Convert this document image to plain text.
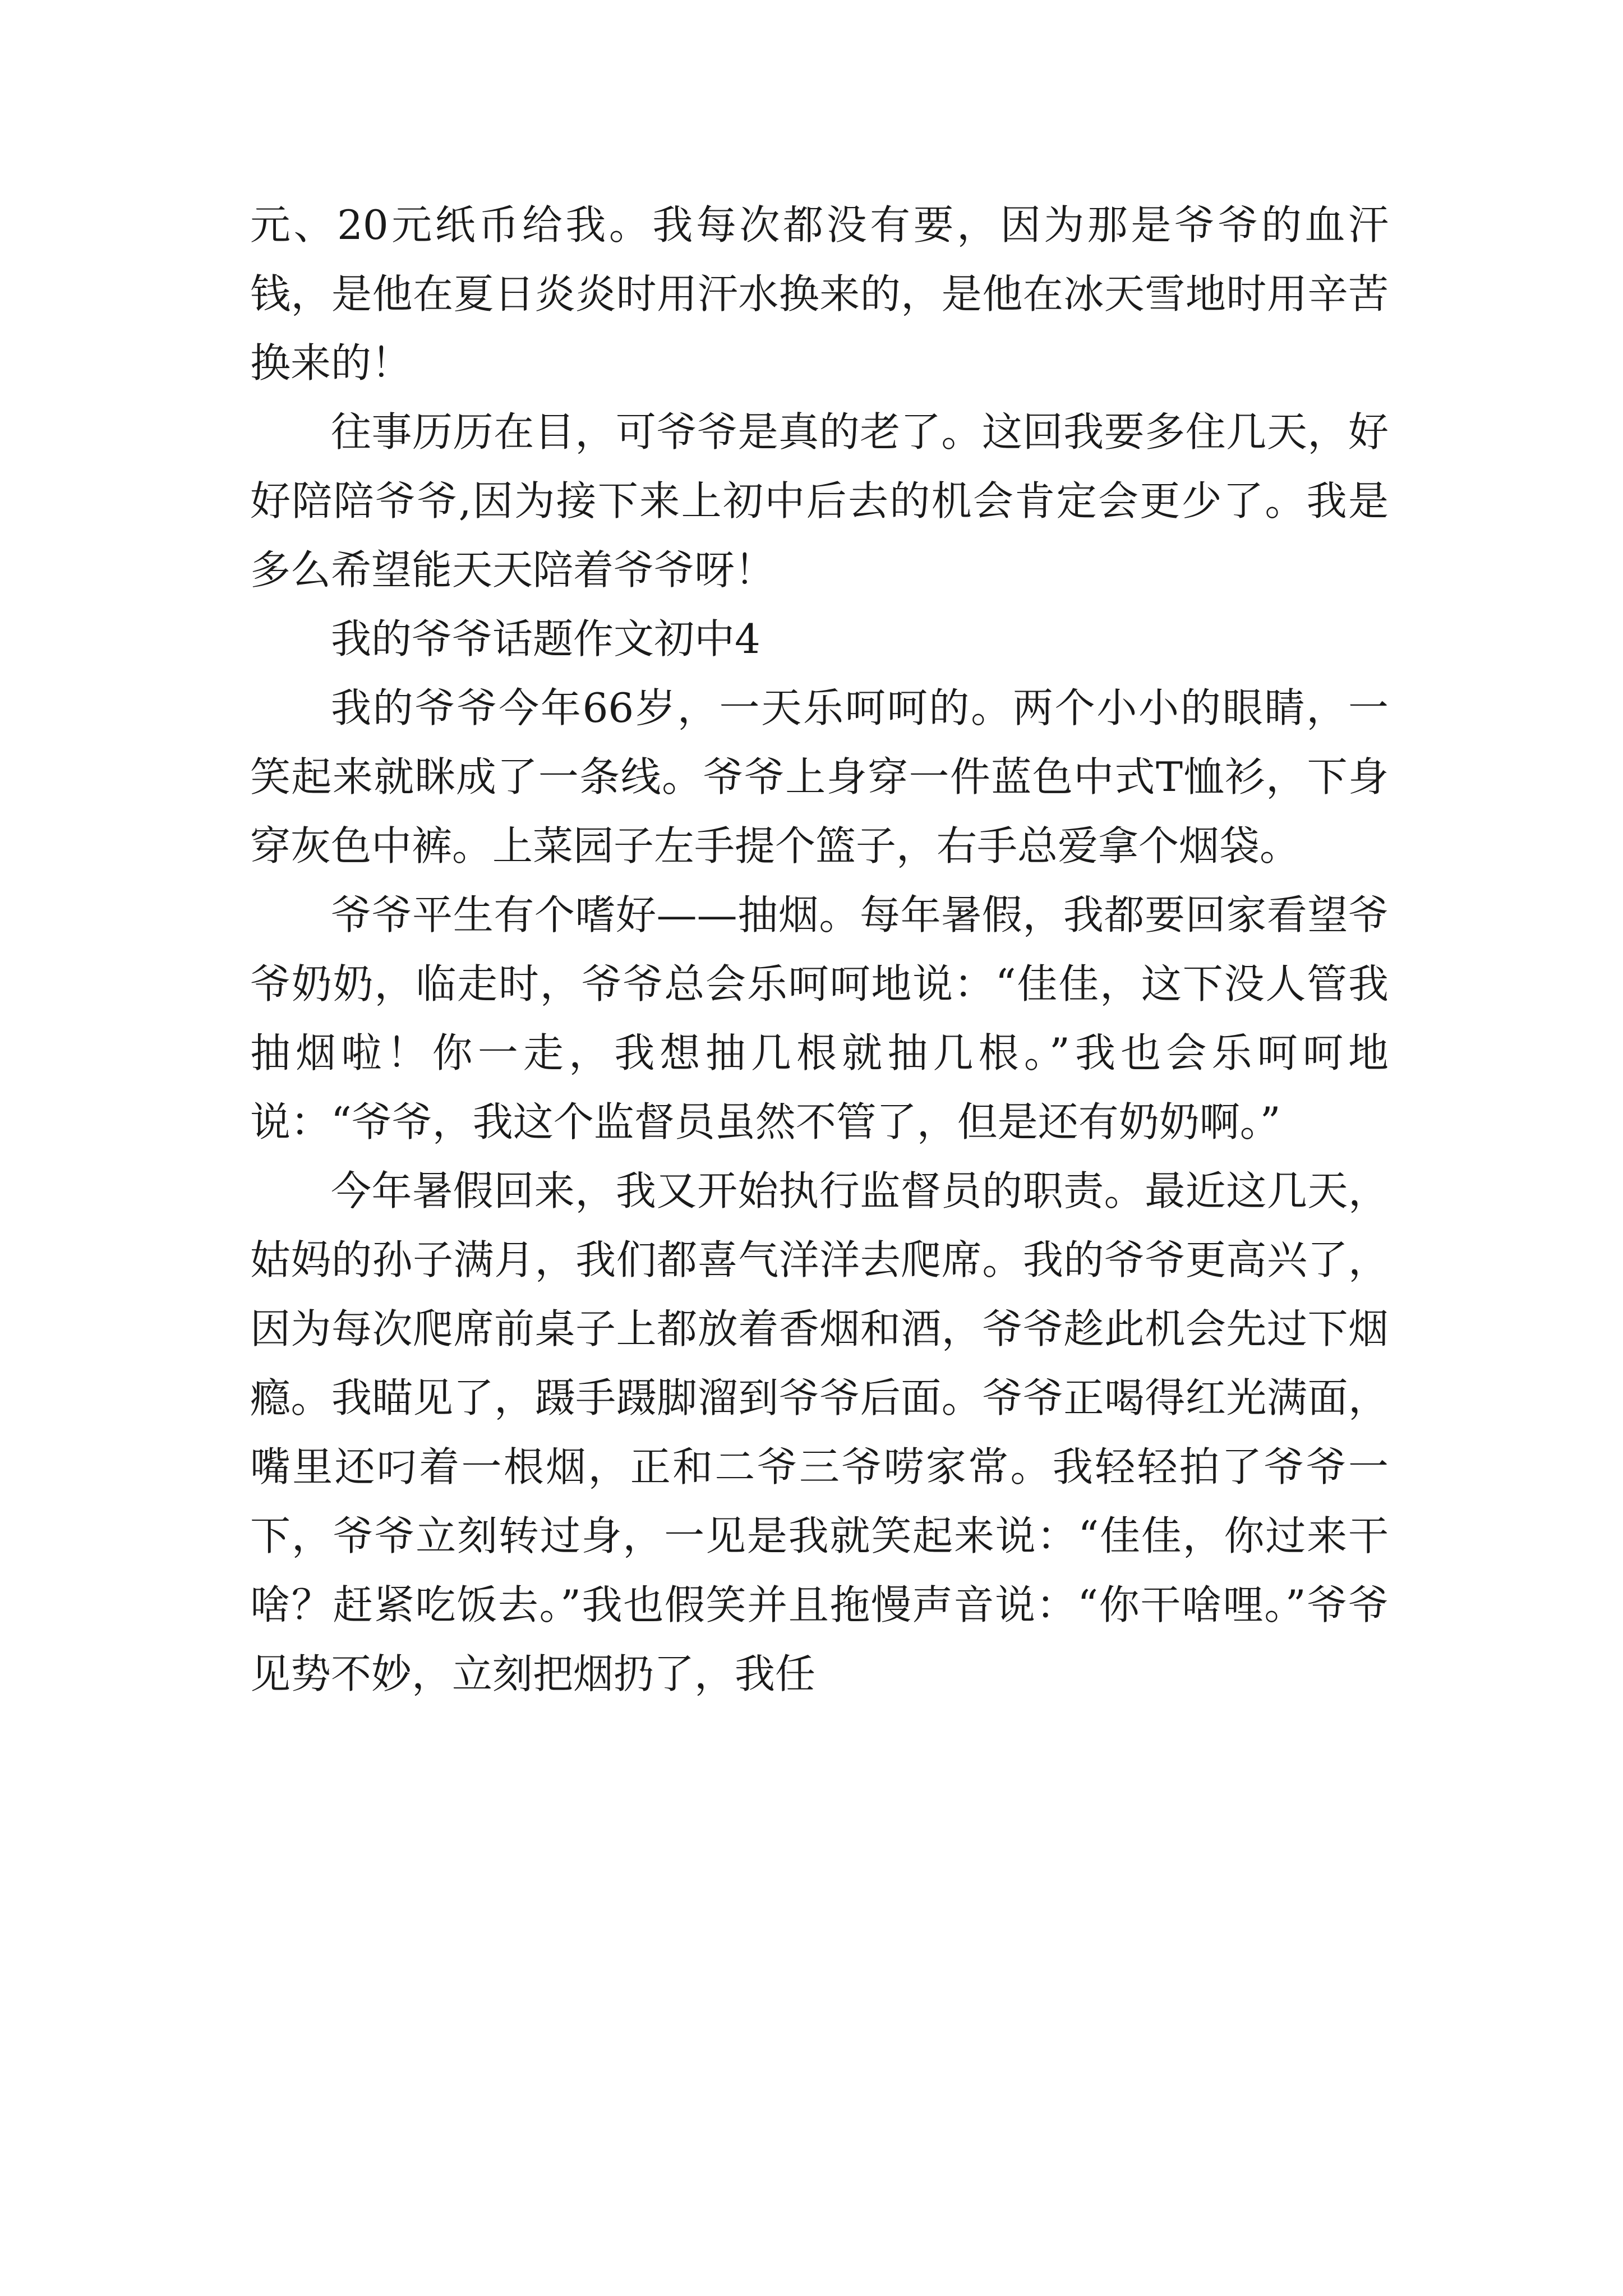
元、20元纸币给我。我每次都没有要，因为那是爷爷的血汗钱，是他在夏日炎炎时用汗水换来的，是他在冰天雪地时用辛苦换来的！

往事历历在目，可爷爷是真的老了。这回我要多住几天，好好陪陪爷爷,因为接下来上初中后去的机会肯定会更少了。我是多么希望能天天陪着爷爷呀！

我的爷爷话题作文初中4

我的爷爷今年66岁，一天乐呵呵的。两个小小的眼睛，一笑起来就眯成了一条线。爷爷上身穿一件蓝色中式T恤衫，下身穿灰色中裤。上菜园子左手提个篮子，右手总爱拿个烟袋。

爷爷平生有个嗜好——抽烟。每年暑假，我都要回家看望爷爷奶奶，临走时，爷爷总会乐呵呵地说：“佳佳，这下没人管我抽烟啦！你一走，我想抽几根就抽几根。”我也会乐呵呵地说：“爷爷，我这个监督员虽然不管了，但是还有奶奶啊。”

今年暑假回来，我又开始执行监督员的职责。最近这几天，姑妈的孙子满月，我们都喜气洋洋去爬席。我的爷爷更高兴了，因为每次爬席前桌子上都放着香烟和酒，爷爷趁此机会先过下烟瘾。我瞄见了，蹑手蹑脚溜到爷爷后面。爷爷正喝得红光满面，嘴里还叼着一根烟，正和二爷三爷唠家常。我轻轻拍了爷爷一下，爷爷立刻转过身，一见是我就笑起来说：“佳佳，你过来干啥？赶紧吃饭去。”我也假笑并且拖慢声音说：“你干啥哩。”爷爷见势不妙，立刻把烟扔了，我任
